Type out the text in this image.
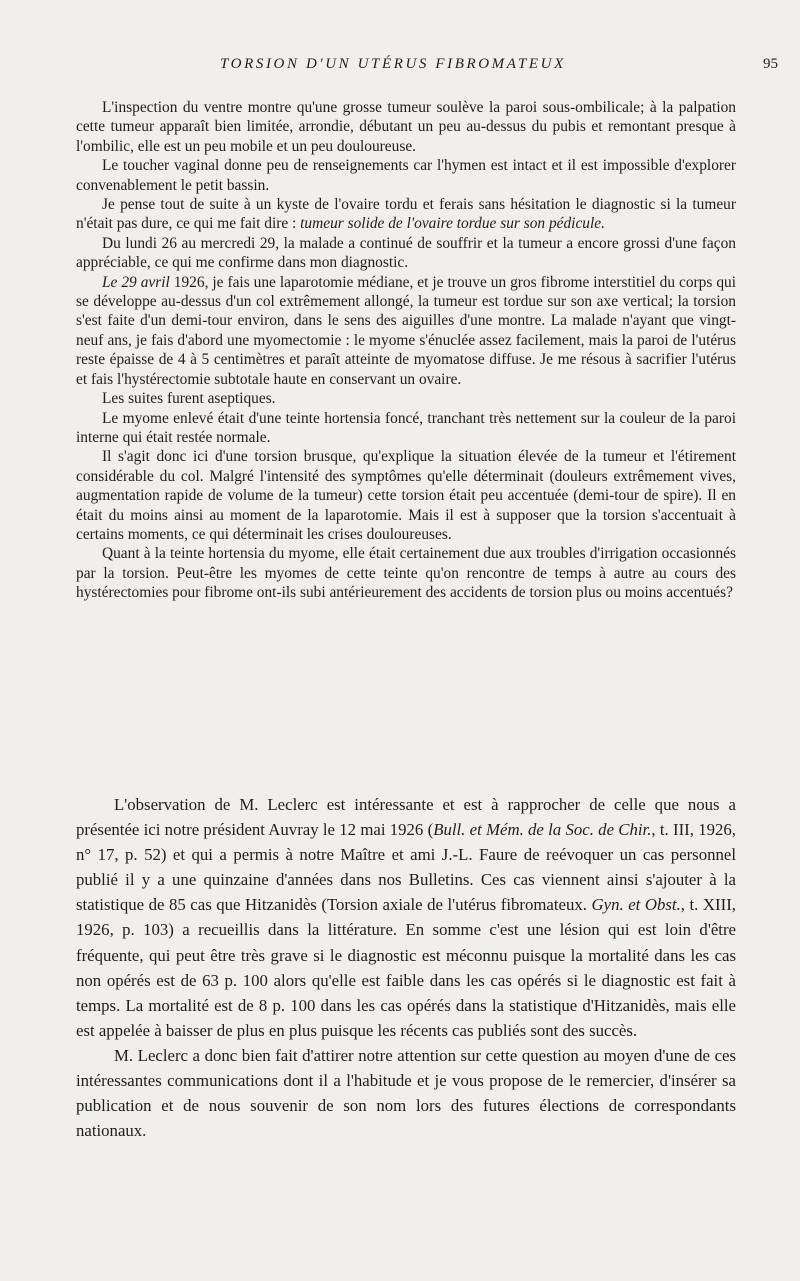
TORSION D'UN UTÉRUS FIBROMATEUX	95

L'inspection du ventre montre qu'une grosse tumeur soulève la paroi sous-ombilicale; à la palpation cette tumeur apparaît bien limitée, arrondie, débutant un peu au-dessus du pubis et remontant presque à l'ombilic, elle est un peu mobile et un peu douloureuse.

Le toucher vaginal donne peu de renseignements car l'hymen est intact et il est impossible d'explorer convenablement le petit bassin.

Je pense tout de suite à un kyste de l'ovaire tordu et ferais sans hésitation le diagnostic si la tumeur n'était pas dure, ce qui me fait dire : tumeur solide de l'ovaire tordue sur son pédicule.

Du lundi 26 au mercredi 29, la malade a continué de souffrir et la tumeur a encore grossi d'une façon appréciable, ce qui me confirme dans mon diagnostic.

Le 29 avril 1926, je fais une laparotomie médiane, et je trouve un gros fibrome interstitiel du corps qui se développe au-dessus d'un col extrêmement allongé, la tumeur est tordue sur son axe vertical; la torsion s'est faite d'un demi-tour environ, dans le sens des aiguilles d'une montre. La malade n'ayant que vingt-neuf ans, je fais d'abord une myomectomie : le myome s'énuclée assez facilement, mais la paroi de l'utérus reste épaisse de 4 à 5 centimètres et paraît atteinte de myomatose diffuse. Je me résous à sacrifier l'utérus et fais l'hystérectomie subtotale haute en conservant un ovaire.

Les suites furent aseptiques.

Le myome enlevé était d'une teinte hortensia foncé, tranchant très nettement sur la couleur de la paroi interne qui était restée normale.

Il s'agit donc ici d'une torsion brusque, qu'explique la situation élevée de la tumeur et l'étirement considérable du col. Malgré l'intensité des symptômes qu'elle déterminait (douleurs extrêmement vives, augmentation rapide de volume de la tumeur) cette torsion était peu accentuée (demi-tour de spire). Il en était du moins ainsi au moment de la laparotomie. Mais il est à supposer que la torsion s'accentuait à certains moments, ce qui déterminait les crises douloureuses.

Quant à la teinte hortensia du myome, elle était certainement due aux troubles d'irrigation occasionnés par la torsion. Peut-être les myomes de cette teinte qu'on rencontre de temps à autre au cours des hystérectomies pour fibrome ont-ils subi antérieurement des accidents de torsion plus ou moins accentués?

L'observation de M. Leclerc est intéressante et est à rapprocher de celle que nous a présentée ici notre président Auvray le 12 mai 1926 (Bull. et Mém. de la Soc. de Chir., t. III, 1926, n° 17, p. 52) et qui a permis à notre Maître et ami J.-L. Faure de reévoquer un cas personnel publié il y a une quinzaine d'années dans nos Bulletins. Ces cas viennent ainsi s'ajouter à la statistique de 85 cas que Hitzanidès (Torsion axiale de l'utérus fibromateux. Gyn. et Obst., t. XIII, 1926, p. 103) a recueillis dans la littérature. En somme c'est une lésion qui est loin d'être fréquente, qui peut être très grave si le diagnostic est méconnu puisque la mortalité dans les cas non opérés est de 63 p. 100 alors qu'elle est faible dans les cas opérés si le diagnostic est fait à temps. La mortalité est de 8 p. 100 dans les cas opérés dans la statistique d'Hitzanidès, mais elle est appelée à baisser de plus en plus puisque les récents cas publiés sont des succès.

M. Leclerc a donc bien fait d'attirer notre attention sur cette question au moyen d'une de ces intéressantes communications dont il a l'habitude et je vous propose de le remercier, d'insérer sa publication et de nous souvenir de son nom lors des futures élections de correspondants nationaux.
